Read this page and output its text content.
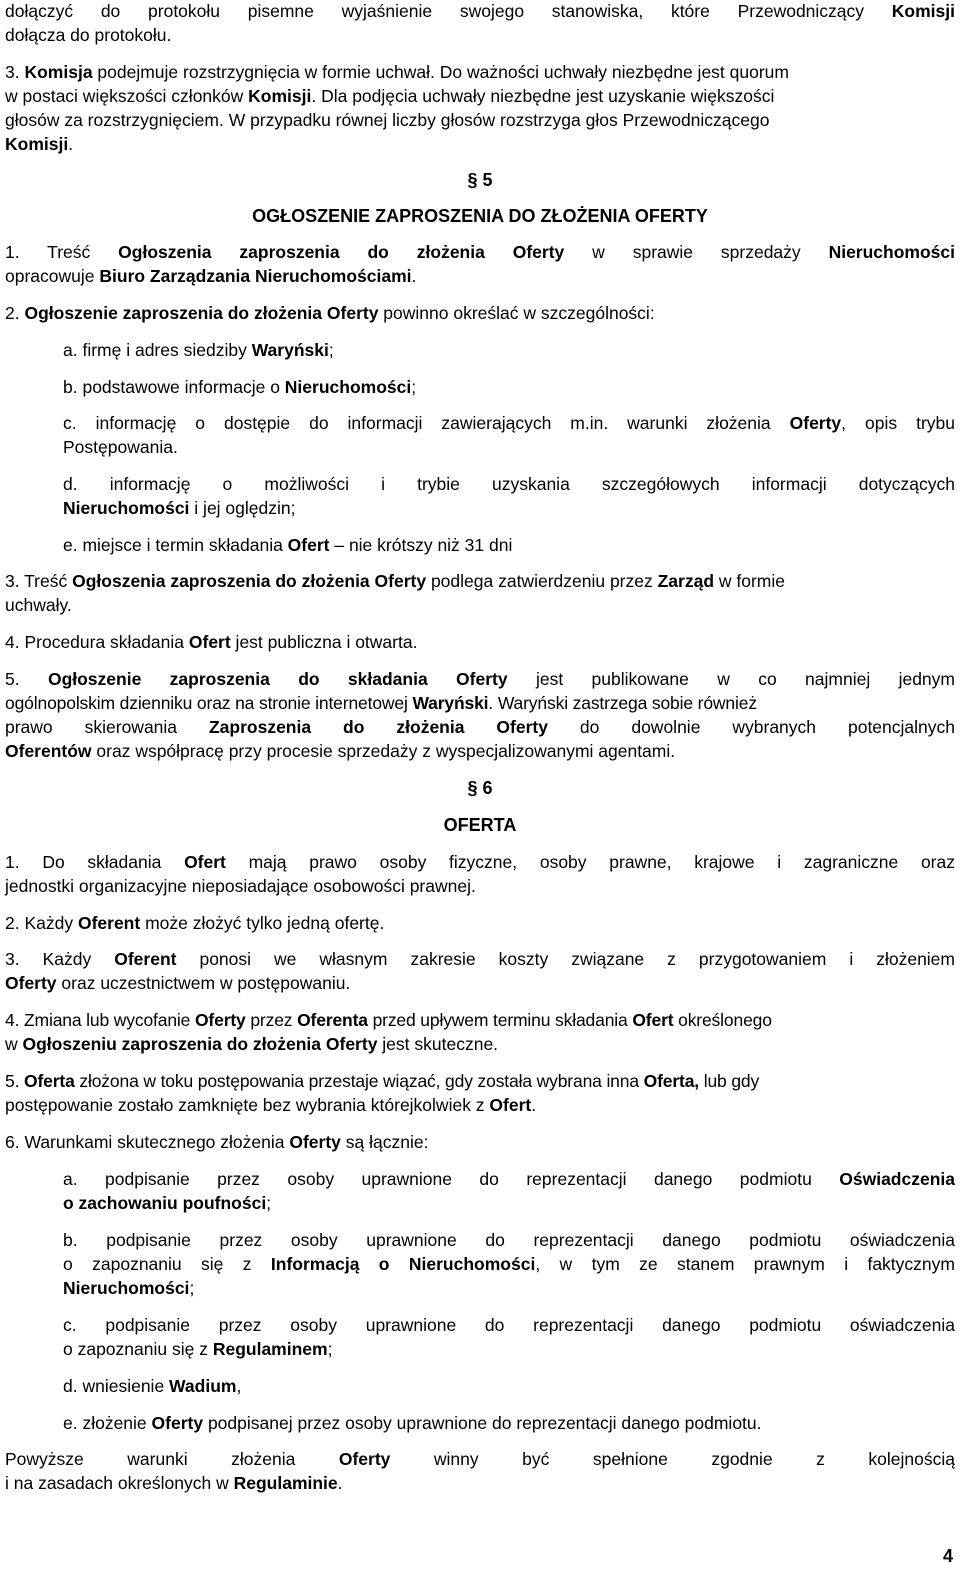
4
dołączyć do protokołu pisemne wyjaśnienie swojego stanowiska, które Przewodniczący Komisji
dołącza do protokołu.
3. Komisja podejmuje rozstrzygnięcia w formie uchwał. Do ważności uchwały niezbędne jest quorum
w postaci większości członków Komisji. Dla podjęcia uchwały niezbędne jest uzyskanie większości
głosów za rozstrzygnięciem. W przypadku równej liczby głosów rozstrzyga głos Przewodniczącego
Komisji.
§ 5
OGŁOSZENIE ZAPROSZENIA DO ZŁOŻENIA OFERTY
1. Treść Ogłoszenia zaproszenia do złożenia Oferty w sprawie sprzedaży Nieruchomości
opracowuje Biuro Zarządzania Nieruchomościami.
2. Ogłoszenie zaproszenia do złożenia Oferty powinno określać w szczególności:
a. firmę i adres siedziby Waryński;
b. podstawowe informacje o Nieruchomości;
c. informację o dostępie do informacji zawierających m.in. warunki złożenia Oferty, opis trybu
Postępowania.
d. informację o możliwości i trybie uzyskania szczegółowych informacji dotyczących
Nieruchomości i jej oględzin;
e. miejsce i termin składania Ofert – nie krótszy niż 31 dni
3. Treść Ogłoszenia zaproszenia do złożenia Oferty podlega zatwierdzeniu przez Zarząd w formie
uchwały.
4. Procedura składania Ofert jest publiczna i otwarta.
5. Ogłoszenie zaproszenia do składania Oferty jest publikowane w co najmniej jednym
ogólnopolskim dzienniku oraz na stronie internetowej Waryński. Waryński zastrzega sobie również
prawo skierowania Zaproszenia do złożenia Oferty do dowolnie wybranych potencjalnych
Oferentów oraz współpracę przy procesie sprzedaży z wyspecjalizowanymi agentami.
§ 6
OFERTA
1. Do składania Ofert mają prawo osoby fizyczne, osoby prawne, krajowe i zagraniczne oraz
jednostki organizacyjne nieposiadające osobowości prawnej.
2. Każdy Oferent może złożyć tylko jedną ofertę.
3. Każdy Oferent ponosi we własnym zakresie koszty związane z przygotowaniem i złożeniem
Oferty oraz uczestnictwem w postępowaniu.
4. Zmiana lub wycofanie Oferty przez Oferenta przed upływem terminu składania Ofert określonego
w Ogłoszeniu zaproszenia do złożenia Oferty jest skuteczne.
5. Oferta złożona w toku postępowania przestaje wiązać, gdy została wybrana inna Oferta, lub gdy
postępowanie zostało zamknięte bez wybrania którejkolwiek z Ofert.
6. Warunkami skutecznego złożenia Oferty są łącznie:
a. podpisanie przez osoby uprawnione do reprezentacji danego podmiotu Oświadczenia
o zachowaniu poufności;
b. podpisanie przez osoby uprawnione do reprezentacji danego podmiotu oświadczenia
o zapoznaniu się z Informacją o Nieruchomości, w tym ze stanem prawnym i faktycznym
Nieruchomości;
c. podpisanie przez osoby uprawnione do reprezentacji danego podmiotu oświadczenia
o zapoznaniu się z Regulaminem;
d. wniesienie Wadium,
e. złożenie Oferty podpisanej przez osoby uprawnione do reprezentacji danego podmiotu.
Powyższe warunki złożenia Oferty winny być spełnione zgodnie z kolejnością
i na zasadach określonych w Regulaminie.
